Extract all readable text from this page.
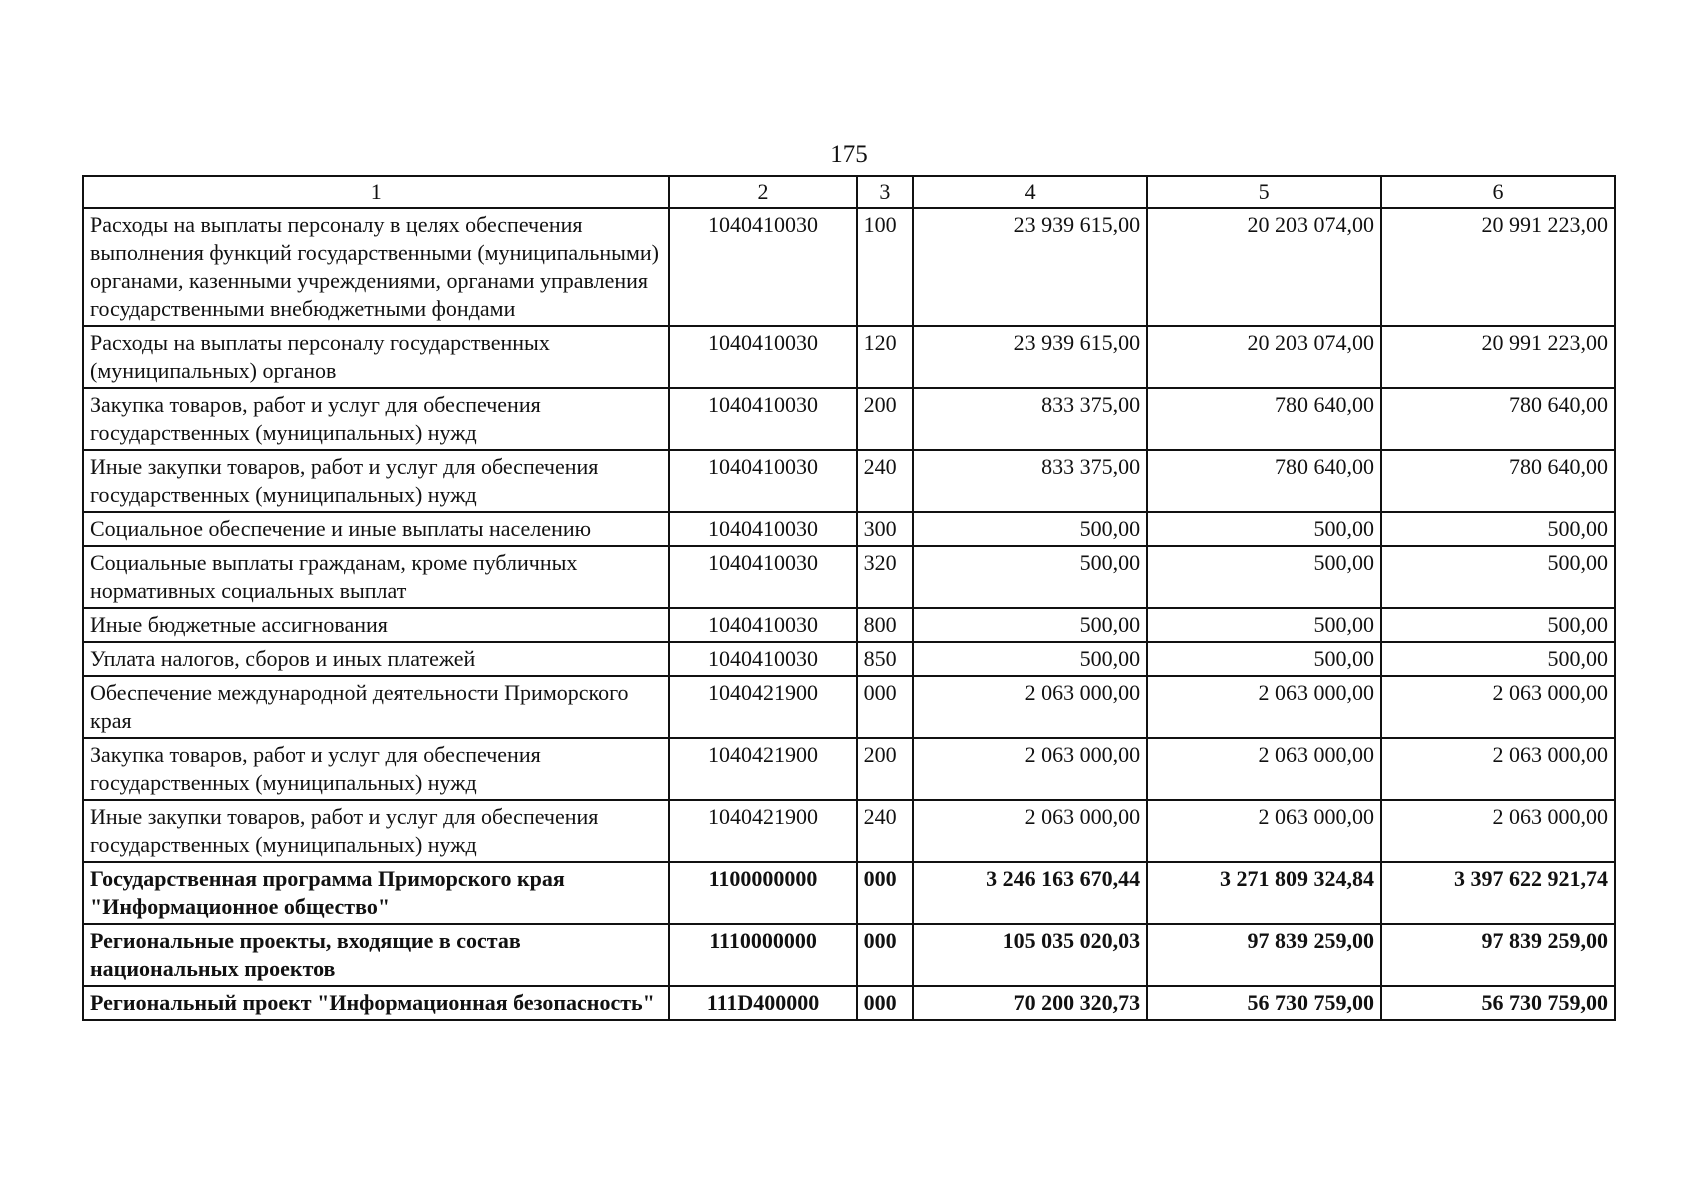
175
1	2	3	4	5	6
Расходы на выплаты персоналу в целях обеспечения выполнения функций государственными (муниципальными) органами, казенными учреждениями, органами управления государственными внебюджетными фондами	1040410030	100	23 939 615,00	20 203 074,00	20 991 223,00
Расходы на выплаты персоналу государственных (муниципальных) органов	1040410030	120	23 939 615,00	20 203 074,00	20 991 223,00
Закупка товаров, работ и услуг для обеспечения государственных (муниципальных) нужд	1040410030	200	833 375,00	780 640,00	780 640,00
Иные закупки товаров, работ и услуг для обеспечения государственных (муниципальных) нужд	1040410030	240	833 375,00	780 640,00	780 640,00
Социальное обеспечение и иные выплаты населению	1040410030	300	500,00	500,00	500,00
Социальные выплаты гражданам, кроме публичных нормативных социальных выплат	1040410030	320	500,00	500,00	500,00
Иные бюджетные ассигнования	1040410030	800	500,00	500,00	500,00
Уплата налогов, сборов и иных платежей	1040410030	850	500,00	500,00	500,00
Обеспечение международной деятельности Приморского края	1040421900	000	2 063 000,00	2 063 000,00	2 063 000,00
Закупка товаров, работ и услуг для обеспечения государственных (муниципальных) нужд	1040421900	200	2 063 000,00	2 063 000,00	2 063 000,00
Иные закупки товаров, работ и услуг для обеспечения государственных (муниципальных) нужд	1040421900	240	2 063 000,00	2 063 000,00	2 063 000,00
Государственная программа Приморского края "Информационное общество"	1100000000	000	3 246 163 670,44	3 271 809 324,84	3 397 622 921,74
Региональные проекты, входящие в состав национальных проектов	1110000000	000	105 035 020,03	97 839 259,00	97 839 259,00
Региональный проект "Информационная безопасность"	111D400000	000	70 200 320,73	56 730 759,00	56 730 759,00
